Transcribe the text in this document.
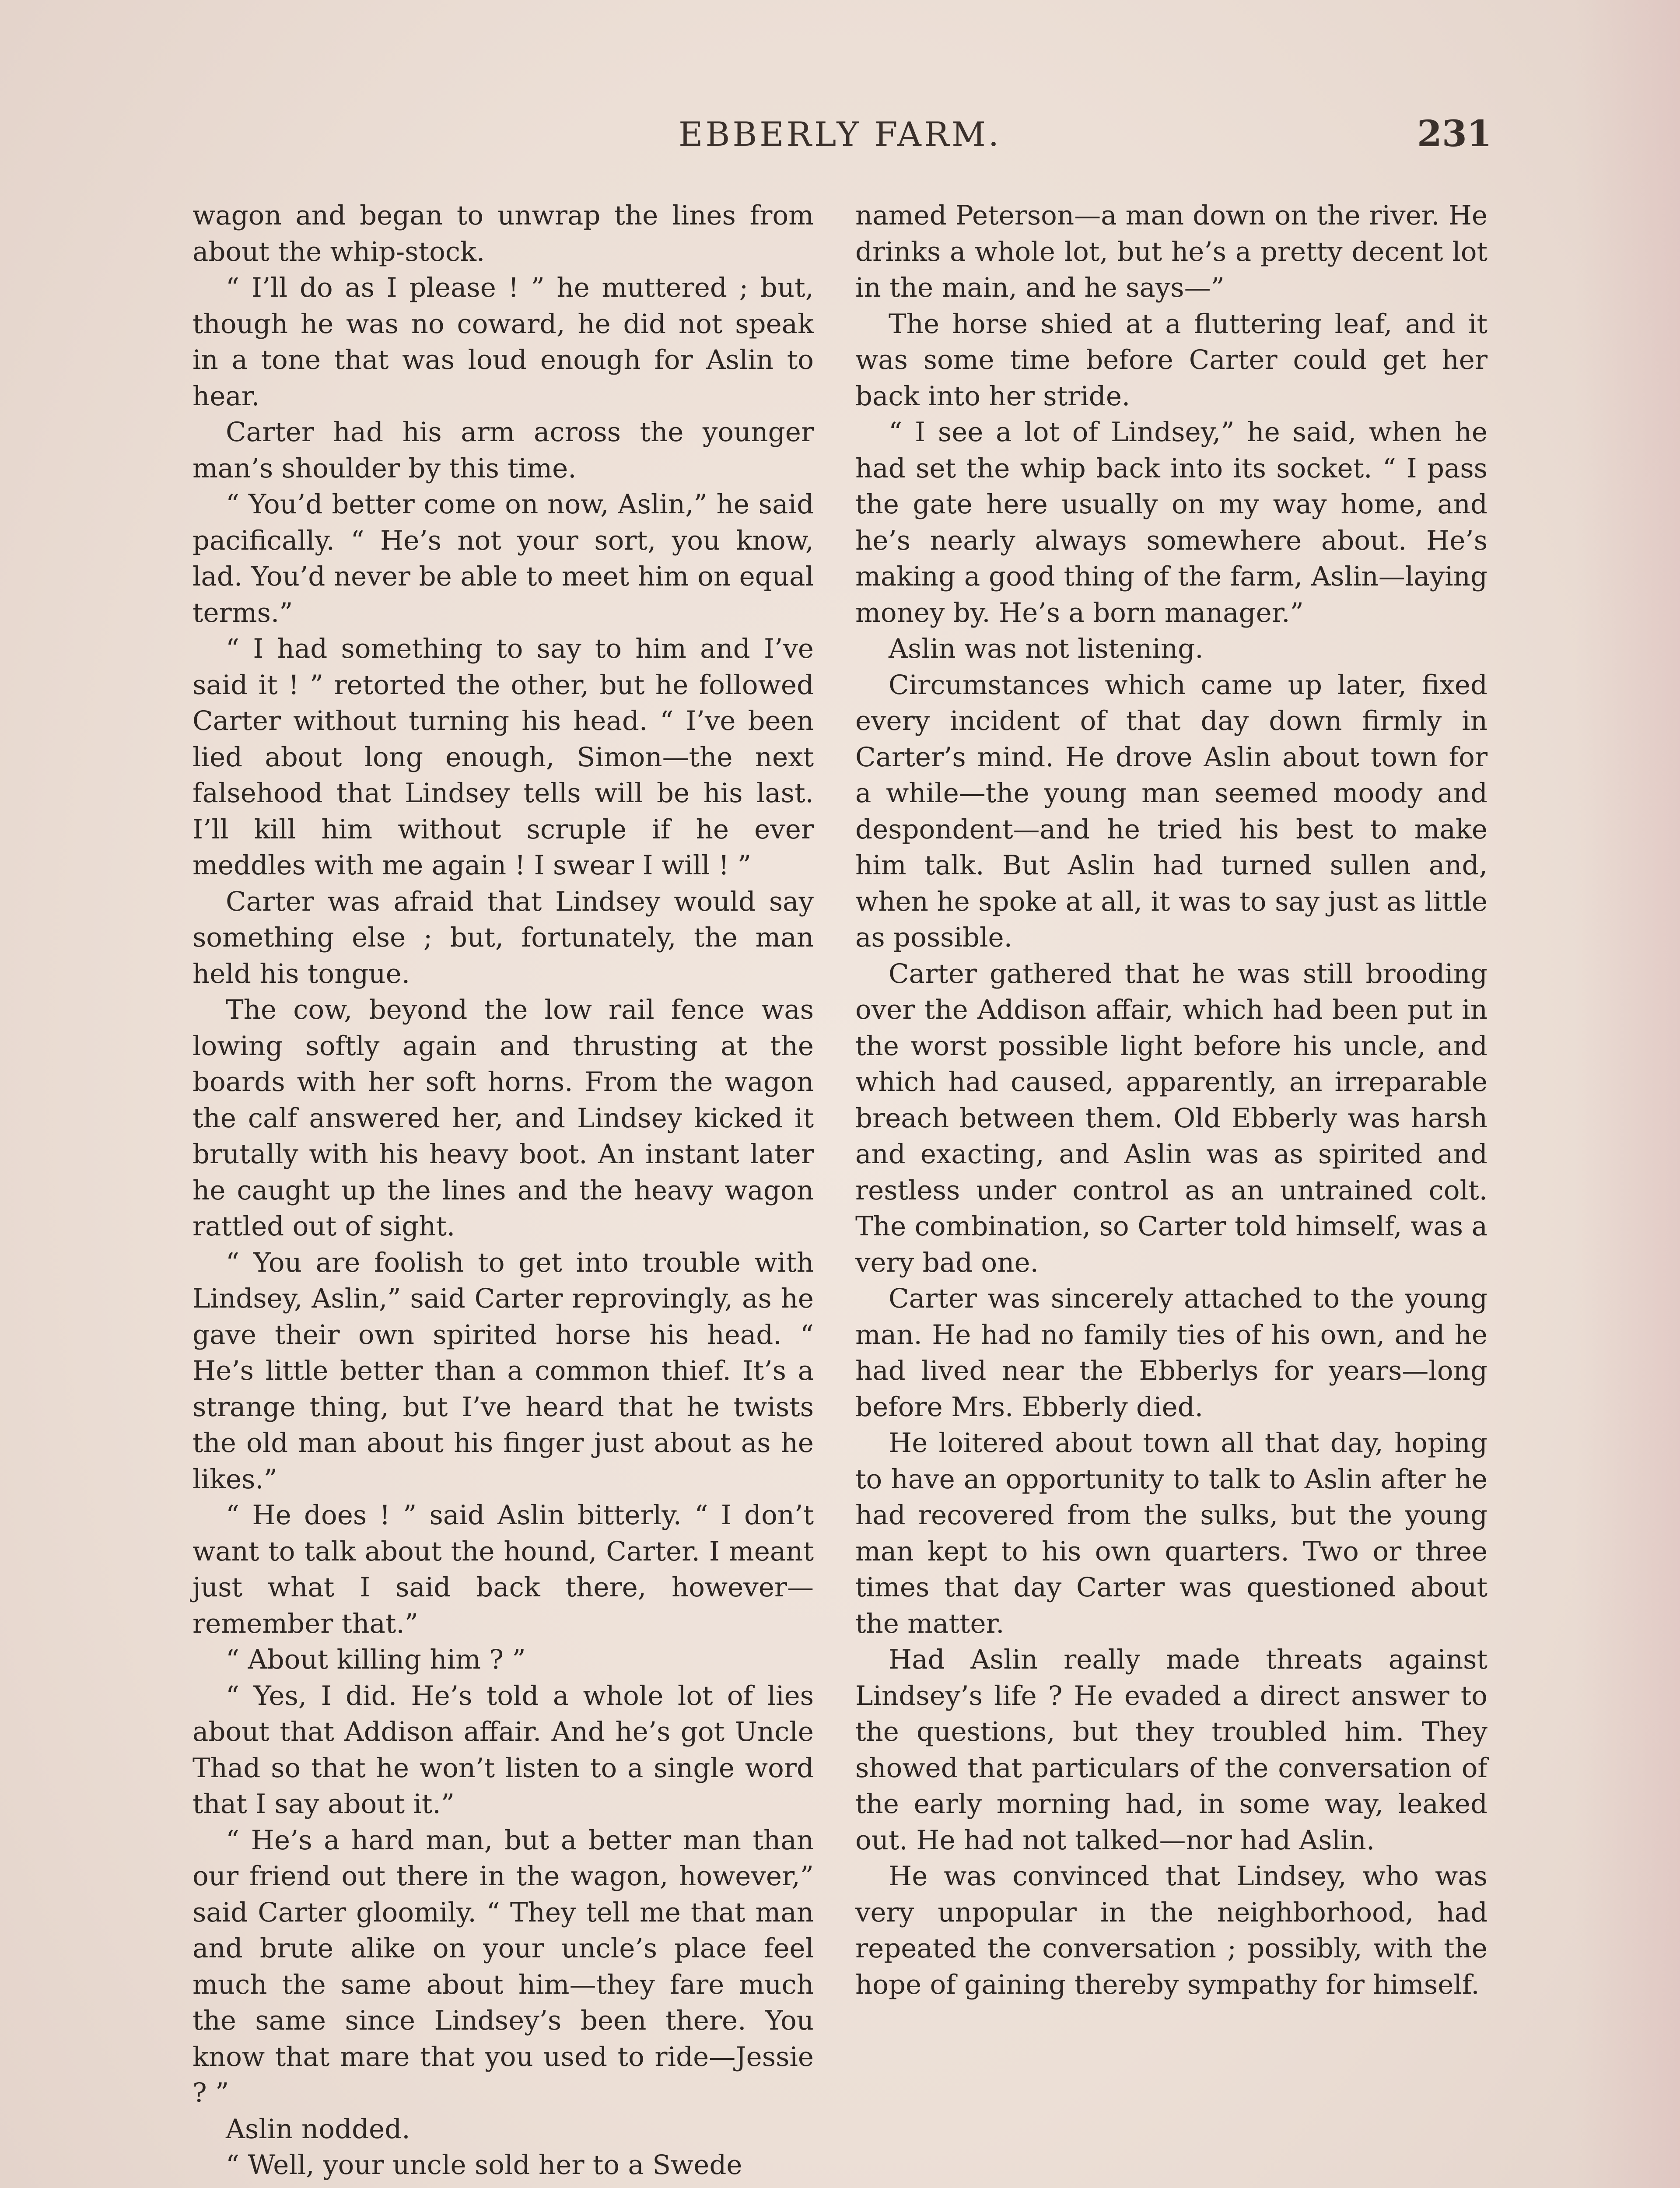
EBBERLY FARM.	231

wagon and began to unwrap the lines from about the whip-stock.

“ I’ll do as I please ! ” he muttered ; but, though he was no coward, he did not speak in a tone that was loud enough for Aslin to hear.

Carter had his arm across the younger man’s shoulder by this time.

“ You’d better come on now, Aslin,” he said pacifically. “ He’s not your sort, you know, lad. You’d never be able to meet him on equal terms.”

“ I had something to say to him and I’ve said it ! ” retorted the other, but he followed Carter without turning his head. “ I’ve been lied about long enough, Simon—the next falsehood that Lindsey tells will be his last. I’ll kill him without scruple if he ever meddles with me again ! I swear I will ! ”

Carter was afraid that Lindsey would say something else ; but, fortunately, the man held his tongue.

The cow, beyond the low rail fence was lowing softly again and thrusting at the boards with her soft horns. From the wagon the calf answered her, and Lindsey kicked it brutally with his heavy boot. An instant later he caught up the lines and the heavy wagon rattled out of sight.

“ You are foolish to get into trouble with Lindsey, Aslin,” said Carter reprovingly, as he gave their own spirited horse his head. “ He’s little better than a common thief. It’s a strange thing, but I’ve heard that he twists the old man about his finger just about as he likes.”

“ He does ! ” said Aslin bitterly. “ I don’t want to talk about the hound, Carter. I meant just what I said back there, however—remember that.”

“ About killing him ? ”

“ Yes, I did. He’s told a whole lot of lies about that Addison affair. And he’s got Uncle Thad so that he won’t listen to a single word that I say about it.”

“ He’s a hard man, but a better man than our friend out there in the wagon, however,” said Carter gloomily. “ They tell me that man and brute alike on your uncle’s place feel much the same about him—they fare much the same since Lindsey’s been there. You know that mare that you used to ride—Jessie ? ”

Aslin nodded.

“ Well, your uncle sold her to a Swede

named Peterson—a man down on the river. He drinks a whole lot, but he’s a pretty decent lot in the main, and he says—”

The horse shied at a fluttering leaf, and it was some time before Carter could get her back into her stride.

“ I see a lot of Lindsey,” he said, when he had set the whip back into its socket. “ I pass the gate here usually on my way home, and he’s nearly always somewhere about. He’s making a good thing of the farm, Aslin—laying money by. He’s a born manager.”

Aslin was not listening.

Circumstances which came up later, fixed every incident of that day down firmly in Carter’s mind. He drove Aslin about town for a while—the young man seemed moody and despondent—and he tried his best to make him talk. But Aslin had turned sullen and, when he spoke at all, it was to say just as little as possible.

Carter gathered that he was still brooding over the Addison affair, which had been put in the worst possible light before his uncle, and which had caused, apparently, an irreparable breach between them. Old Ebberly was harsh and exacting, and Aslin was as spirited and restless under control as an untrained colt. The combination, so Carter told himself, was a very bad one.

Carter was sincerely attached to the young man. He had no family ties of his own, and he had lived near the Ebberlys for years—long before Mrs. Ebberly died.

He loitered about town all that day, hoping to have an opportunity to talk to Aslin after he had recovered from the sulks, but the young man kept to his own quarters. Two or three times that day Carter was questioned about the matter.

Had Aslin really made threats against Lindsey’s life ? He evaded a direct answer to the questions, but they troubled him. They showed that particulars of the conversation of the early morning had, in some way, leaked out. He had not talked—nor had Aslin.

He was convinced that Lindsey, who was very unpopular in the neighborhood, had repeated the conversation ; possibly, with the hope of gaining thereby sympathy for himself.
